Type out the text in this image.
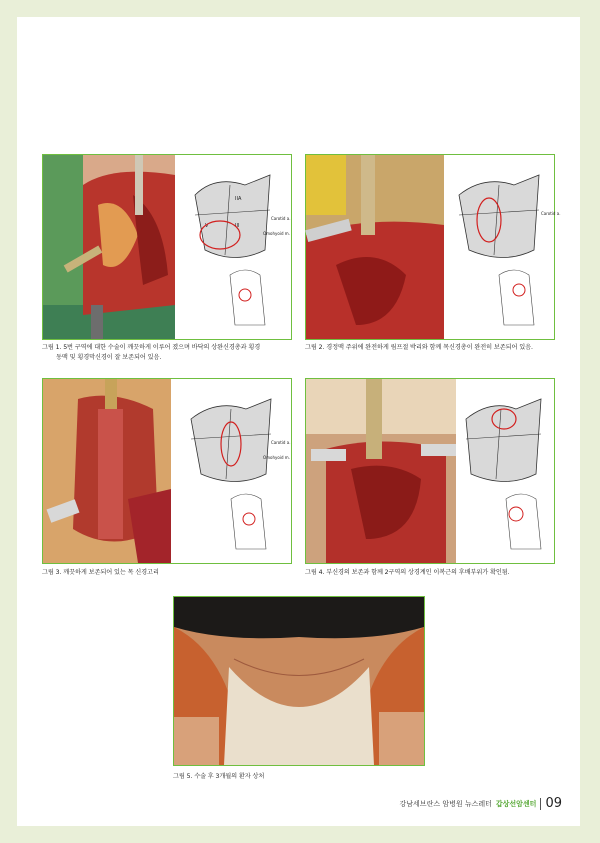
V
IIA
III
Carotid a.
Omohyoid m.
그림 1. 5번 구역에 대한 수술이 깨끗하게 이루어 졌으며 바닥의 상완신경총과 횡경
동맥 및 횡경막신경이 잘 보존되어 있음.
Carotid a.
그림 2. 경정맥 주위에 완전하게 림프절 박리와 함께 목신경총이 완전히 보존되어 있음.
Carotid a.
Omohyoid m.
그림 3. 깨끗하게 보존되어 있는 목 신경고리	그림 4. 부신경의 보존과 함께 2구역의 상경계인 이복근의 후배부위가 확인됨.
그림 5. 수술 후 3개월의 환자 상처
강남세브란스 암병원 뉴스레터 갑상선암센터 09
